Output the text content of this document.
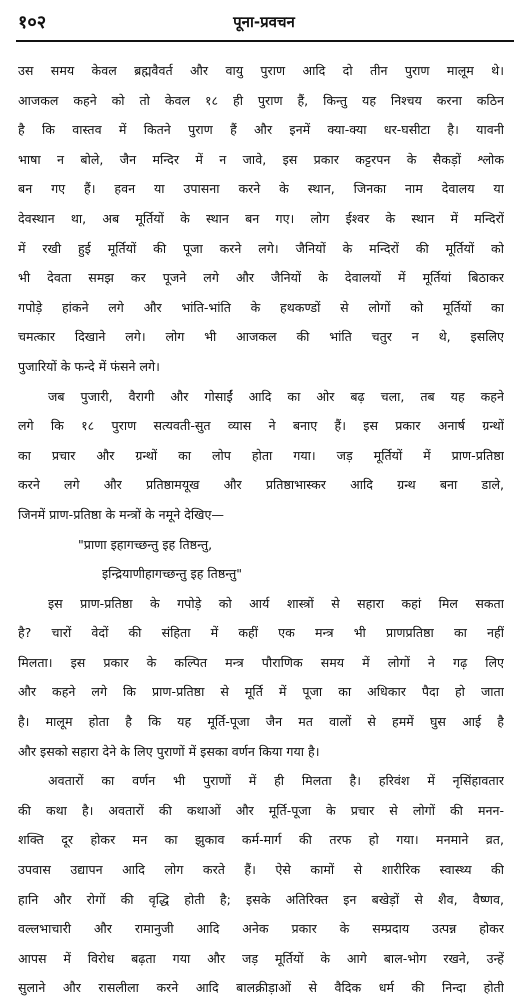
१०२	पूना-प्रवचन
उस समय केवल ब्रह्मवैवर्त और वायु पुराण आदि दो तीन पुराण मालूम थे।
आजकल कहने को तो केवल १८ ही पुराण हैं, किन्तु यह निश्चय करना कठिन
है कि वास्तव में कितने पुराण हैं और इनमें क्या-क्या धर-घसीटा है। यावनी
भाषा न बोले, जैन मन्दिर में न जावे, इस प्रकार कट्टरपन के सैकड़ों श्लोक
बन गए हैं। हवन या उपासना करने के स्थान, जिनका नाम देवालय या
देवस्थान था, अब मूर्तियों के स्थान बन गए। लोग ईश्वर के स्थान में मन्दिरों
में रखी हुई मूर्तियों की पूजा करने लगे। जैनियों के मन्दिरों की मूर्तियों को
भी देवता समझ कर पूजने लगे और जैनियों के देवालयों में मूर्तियां बिठाकर
गपोड़े हांकने लगे और भांति-भांति के हथकण्डों से लोगों को मूर्तियों का
चमत्कार दिखाने लगे। लोग भी आजकल की भांति चतुर न थे, इसलिए
पुजारियों के फन्दे में फंसने लगे।
जब पुजारी, वैरागी और गोसाईं आदि का ओर बढ़ चला, तब यह कहने
लगे कि १८ पुराण सत्यवती-सुत व्यास ने बनाए हैं। इस प्रकार अनार्ष ग्रन्थों
का प्रचार और ग्रन्थों का लोप होता गया। जड़ मूर्तियों में प्राण-प्रतिष्ठा
करने लगे और प्रतिष्ठामयूख और प्रतिष्ठाभास्कर आदि ग्रन्थ बना डाले,
जिनमें प्राण-प्रतिष्ठा के मन्त्रों के नमूने देखिए—
"प्राणा इहागच्छन्तु इह तिष्ठन्तु,
इन्द्रियाणीहागच्छन्तु इह तिष्ठन्तु"
इस प्राण-प्रतिष्ठा के गपोड़े को आर्य शास्त्रों से सहारा कहां मिल सकता
है? चारों वेदों की संहिता में कहीं एक मन्त्र भी प्राणप्रतिष्ठा का नहीं
मिलता। इस प्रकार के कल्पित मन्त्र पौराणिक समय में लोगों ने गढ़ लिए
और कहने लगे कि प्राण-प्रतिष्ठा से मूर्ति में पूजा का अधिकार पैदा हो जाता
है। मालूम होता है कि यह मूर्ति-पूजा जैन मत वालों से हममें घुस आई है
और इसको सहारा देने के लिए पुराणों में इसका वर्णन किया गया है।
अवतारों का वर्णन भी पुराणों में ही मिलता है। हरिवंश में नृसिंहावतार
की कथा है। अवतारों की कथाओं और मूर्ति-पूजा के प्रचार से लोगों की मनन-
शक्ति दूर होकर मन का झुकाव कर्म-मार्ग की तरफ हो गया। मनमाने व्रत,
उपवास उद्यापन आदि लोग करते हैं। ऐसे कामों से शारीरिक स्वास्थ्य की
हानि और रोगों की वृद्धि होती है; इसके अतिरिक्त इन बखेड़ों से शैव, वैष्णव,
वल्लभाचारी और रामानुजी आदि अनेक प्रकार के सम्प्रदाय उत्पन्न होकर
आपस में विरोध बढ़ता गया और जड़ मूर्तियों के आगे बाल-भोग रखने, उन्हें
सुलाने और रासलीला करने आदि बालक्रीड़ाओं से वैदिक धर्म की निन्दा होती
